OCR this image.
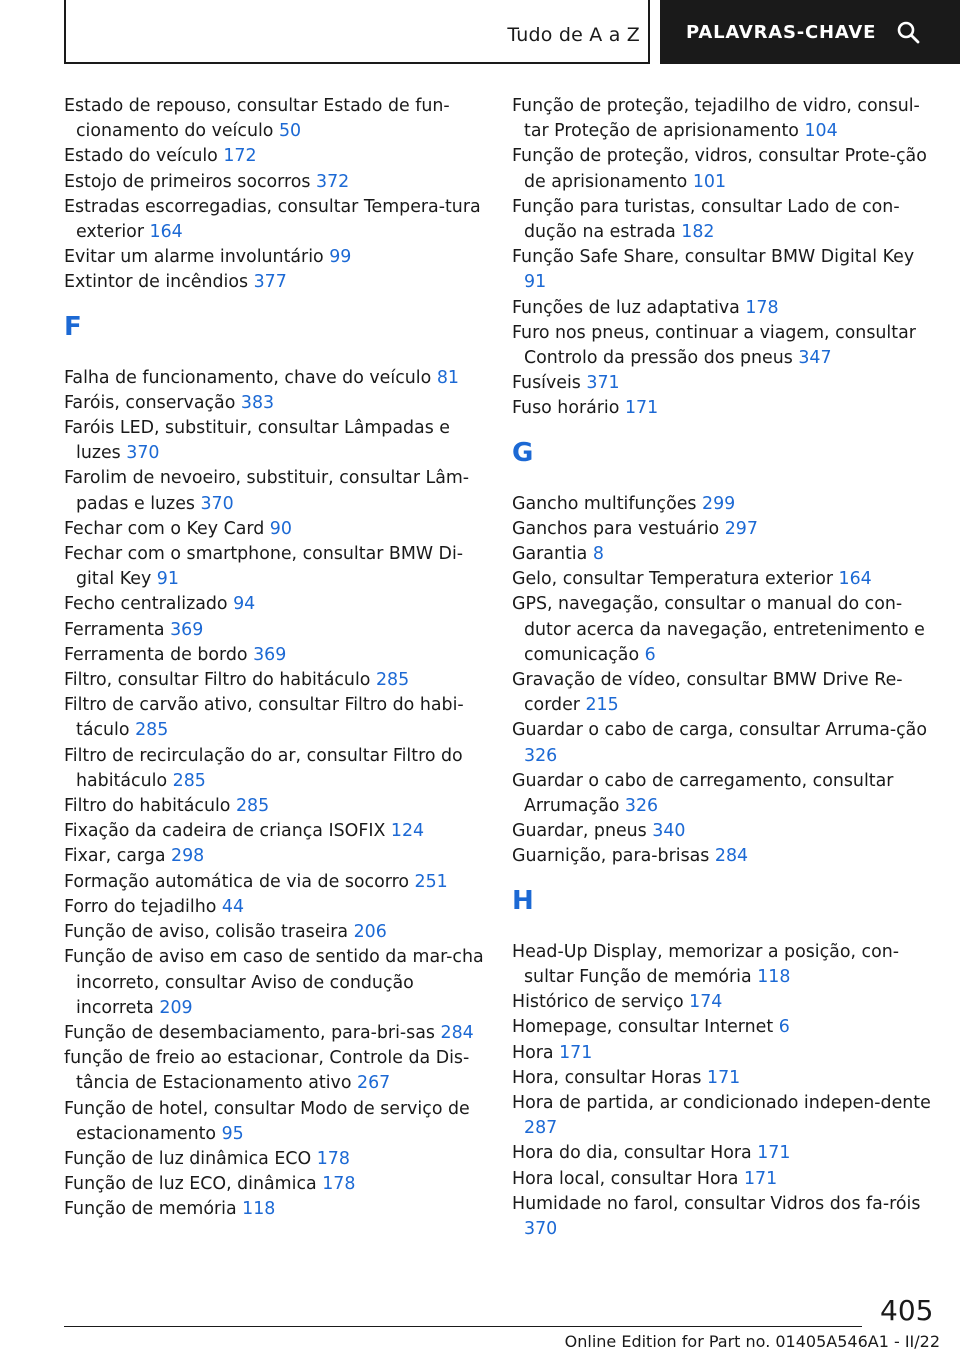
Tudo de A a Z	PALAVRAS-CHAVE
Estado de repouso, consultar Estado de fun-cionamento do veículo 50
Estado do veículo 172
Estojo de primeiros socorros 372
Estradas escorregadias, consultar Tempera-tura exterior 164
Evitar um alarme involuntário 99
Extintor de incêndios 377
F
Falha de funcionamento, chave do veículo 81
Faróis, conservação 383
Faróis LED, substituir, consultar Lâmpadas e luzes 370
Farolim de nevoeiro, substituir, consultar Lâm-padas e luzes 370
Fechar com o Key Card 90
Fechar com o smartphone, consultar BMW Di-gital Key 91
Fecho centralizado 94
Ferramenta 369
Ferramenta de bordo 369
Filtro, consultar Filtro do habitáculo 285
Filtro de carvão ativo, consultar Filtro do habi-táculo 285
Filtro de recirculação do ar, consultar Filtro do habitáculo 285
Filtro do habitáculo 285
Fixação da cadeira de criança ISOFIX 124
Fixar, carga 298
Formação automática de via de socorro 251
Forro do tejadilho 44
Função de aviso, colisão traseira 206
Função de aviso em caso de sentido da mar-cha incorreto, consultar Aviso de condução incorreta 209
Função de desembaciamento, para-bri-sas 284
função de freio ao estacionar, Controle da Dis-tância de Estacionamento ativo 267
Função de hotel, consultar Modo de serviço de estacionamento 95
Função de luz dinâmica ECO 178
Função de luz ECO, dinâmica 178
Função de memória 118
Função de proteção, tejadilho de vidro, consul-tar Proteção de aprisionamento 104
Função de proteção, vidros, consultar Prote-ção de aprisionamento 101
Função para turistas, consultar Lado de con-dução na estrada 182
Função Safe Share, consultar BMW Digital Key 91
Funções de luz adaptativa 178
Furo nos pneus, continuar a viagem, consultar Controlo da pressão dos pneus 347
Fusíveis 371
Fuso horário 171
G
Gancho multifunções 299
Ganchos para vestuário 297
Garantia 8
Gelo, consultar Temperatura exterior 164
GPS, navegação, consultar o manual do con-dutor acerca da navegação, entretenimento e comunicação 6
Gravação de vídeo, consultar BMW Drive Re-corder 215
Guardar o cabo de carga, consultar Arruma-ção 326
Guardar o cabo de carregamento, consultar Arrumação 326
Guardar, pneus 340
Guarnição, para-brisas 284
H
Head-Up Display, memorizar a posição, con-sultar Função de memória 118
Histórico de serviço 174
Homepage, consultar Internet 6
Hora 171
Hora, consultar Horas 171
Hora de partida, ar condicionado indepen-dente 287
Hora do dia, consultar Hora 171
Hora local, consultar Hora 171
Humidade no farol, consultar Vidros dos fa-róis 370
405
Online Edition for Part no. 01405A546A1 - II/22
